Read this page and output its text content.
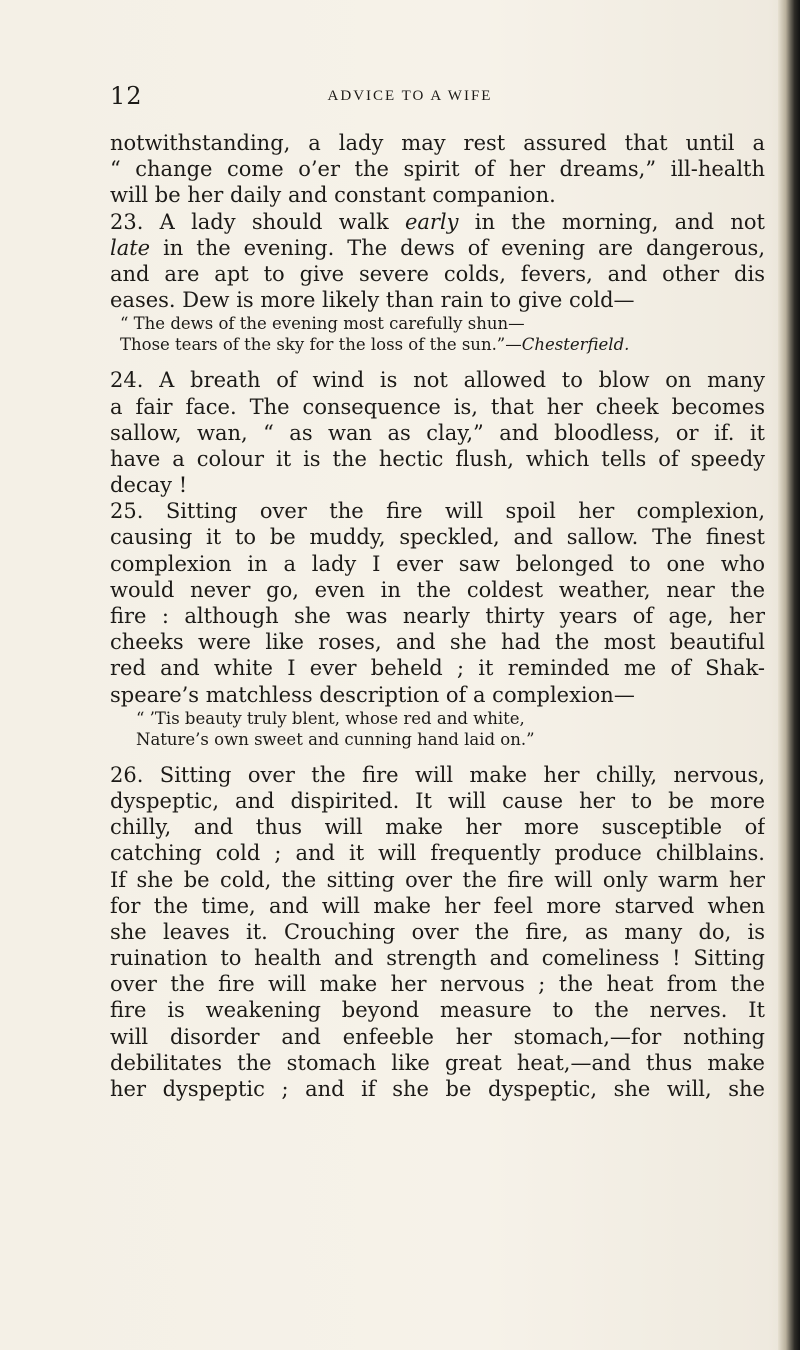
12	ADVICE TO A WIFE
notwithstanding, a lady may rest assured that until a
“ change come o’er the spirit of her dreams,” ill-health
will be her daily and constant companion.
23. A lady should walk early in the morning, and not
late in the evening. The dews of evening are dangerous,
and are apt to give severe colds, fevers, and other dis
eases. Dew is more likely than rain to give cold—
“ The dews of the evening most carefully shun—
Those tears of the sky for the loss of the sun.”—Chesterfield.
24. A breath of wind is not allowed to blow on many
a fair face. The consequence is, that her cheek becomes
sallow, wan, “ as wan as clay,” and bloodless, or if. it
have a colour it is the hectic flush, which tells of speedy
decay !
25. Sitting over the fire will spoil her complexion,
causing it to be muddy, speckled, and sallow. The finest
complexion in a lady I ever saw belonged to one who
would never go, even in the coldest weather, near the
fire : although she was nearly thirty years of age, her
cheeks were like roses, and she had the most beautiful
red and white I ever beheld ; it reminded me of Shak-
speare’s matchless description of a complexion—
“ ’Tis beauty truly blent, whose red and white,
Nature’s own sweet and cunning hand laid on.”
26. Sitting over the fire will make her chilly, nervous,
dyspeptic, and dispirited. It will cause her to be more
chilly, and thus will make her more susceptible of
catching cold ; and it will frequently produce chilblains.
If she be cold, the sitting over the fire will only warm her
for the time, and will make her feel more starved when
she leaves it. Crouching over the fire, as many do, is
ruination to health and strength and comeliness ! Sitting
over the fire will make her nervous ; the heat from the
fire is weakening beyond measure to the nerves. It
will disorder and enfeeble her stomach,—for nothing
debilitates the stomach like great heat,—and thus make
her dyspeptic ; and if she be dyspeptic, she will, she
